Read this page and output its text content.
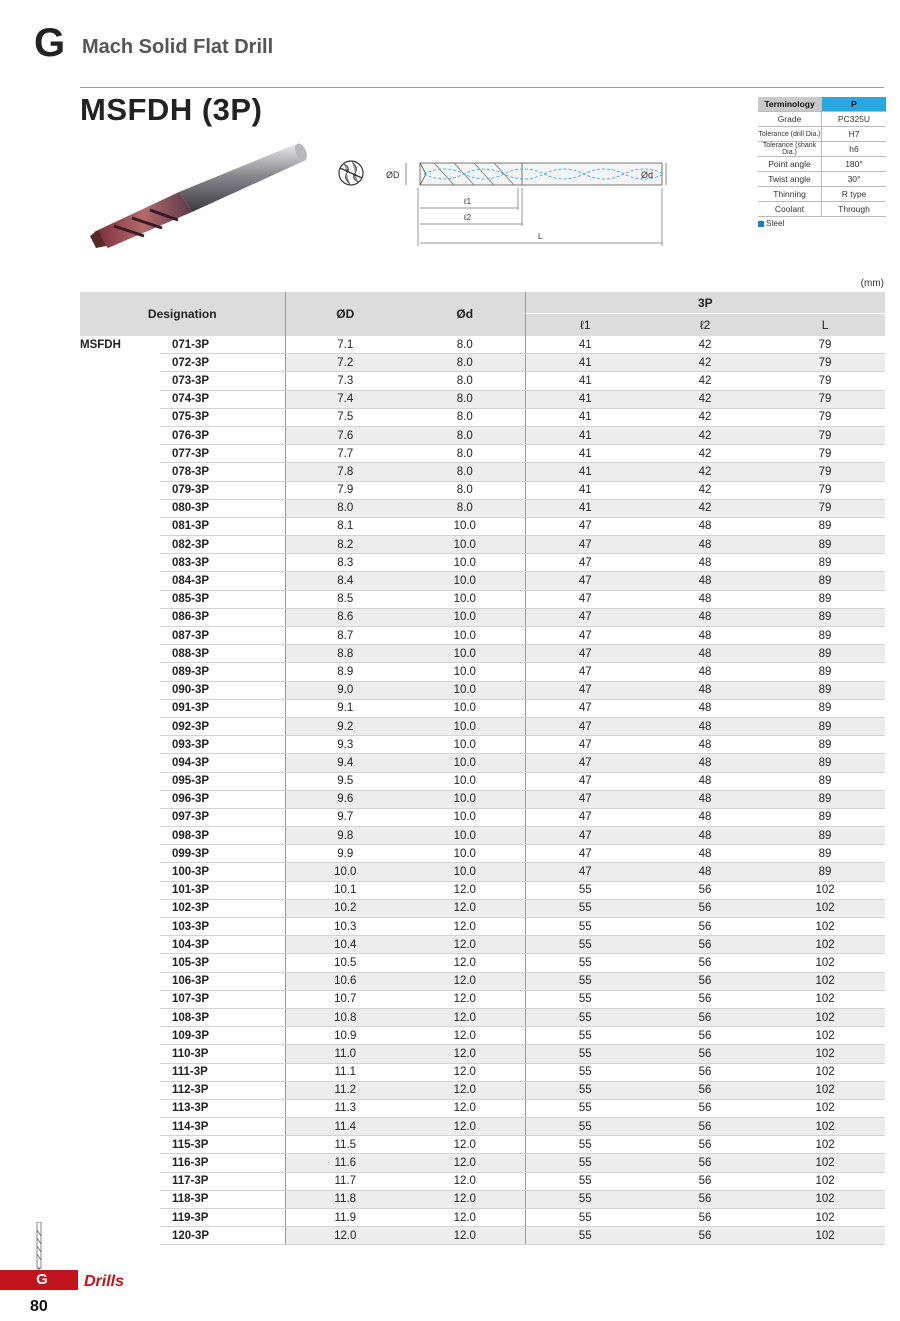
G Mach Solid Flat Drill
MSFDH (3P)
ØD	Ød
ℓ1
ℓ2
L
Terminology	P
Grade	PC325U
Tolerance (drill Dia.)	H7
Tolerance (shank Dia.)	h6
Point angle	180°
Twist angle	30°
Thinning	R type
Coolant	Through
Steel
(mm)
Designation		ØD	Ød	3P		
				ℓ1	ℓ2	L
MSFDH	071-3P	7.1	8.0	41	42	79
	072-3P	7.2	8.0	41	42	79
	073-3P	7.3	8.0	41	42	79
	074-3P	7.4	8.0	41	42	79
	075-3P	7.5	8.0	41	42	79
	076-3P	7.6	8.0	41	42	79
	077-3P	7.7	8.0	41	42	79
	078-3P	7.8	8.0	41	42	79
	079-3P	7.9	8.0	41	42	79
	080-3P	8.0	8.0	41	42	79
	081-3P	8.1	10.0	47	48	89
	082-3P	8.2	10.0	47	48	89
	083-3P	8.3	10.0	47	48	89
	084-3P	8.4	10.0	47	48	89
	085-3P	8.5	10.0	47	48	89
	086-3P	8.6	10.0	47	48	89
	087-3P	8.7	10.0	47	48	89
	088-3P	8.8	10.0	47	48	89
	089-3P	8.9	10.0	47	48	89
	090-3P	9.0	10.0	47	48	89
	091-3P	9.1	10.0	47	48	89
	092-3P	9.2	10.0	47	48	89
	093-3P	9.3	10.0	47	48	89
	094-3P	9.4	10.0	47	48	89
	095-3P	9.5	10.0	47	48	89
	096-3P	9.6	10.0	47	48	89
	097-3P	9.7	10.0	47	48	89
	098-3P	9.8	10.0	47	48	89
	099-3P	9.9	10.0	47	48	89
	100-3P	10.0	10.0	47	48	89
	101-3P	10.1	12.0	55	56	102
	102-3P	10.2	12.0	55	56	102
	103-3P	10.3	12.0	55	56	102
	104-3P	10.4	12.0	55	56	102
	105-3P	10.5	12.0	55	56	102
	106-3P	10.6	12.0	55	56	102
	107-3P	10.7	12.0	55	56	102
	108-3P	10.8	12.0	55	56	102
	109-3P	10.9	12.0	55	56	102
	110-3P	11.0	12.0	55	56	102
	111-3P	11.1	12.0	55	56	102
	112-3P	11.2	12.0	55	56	102
	113-3P	11.3	12.0	55	56	102
	114-3P	11.4	12.0	55	56	102
	115-3P	11.5	12.0	55	56	102
	116-3P	11.6	12.0	55	56	102
	117-3P	11.7	12.0	55	56	102
	118-3P	11.8	12.0	55	56	102
	119-3P	11.9	12.0	55	56	102
	120-3P	12.0	12.0	55	56	102
G	Drills
80
